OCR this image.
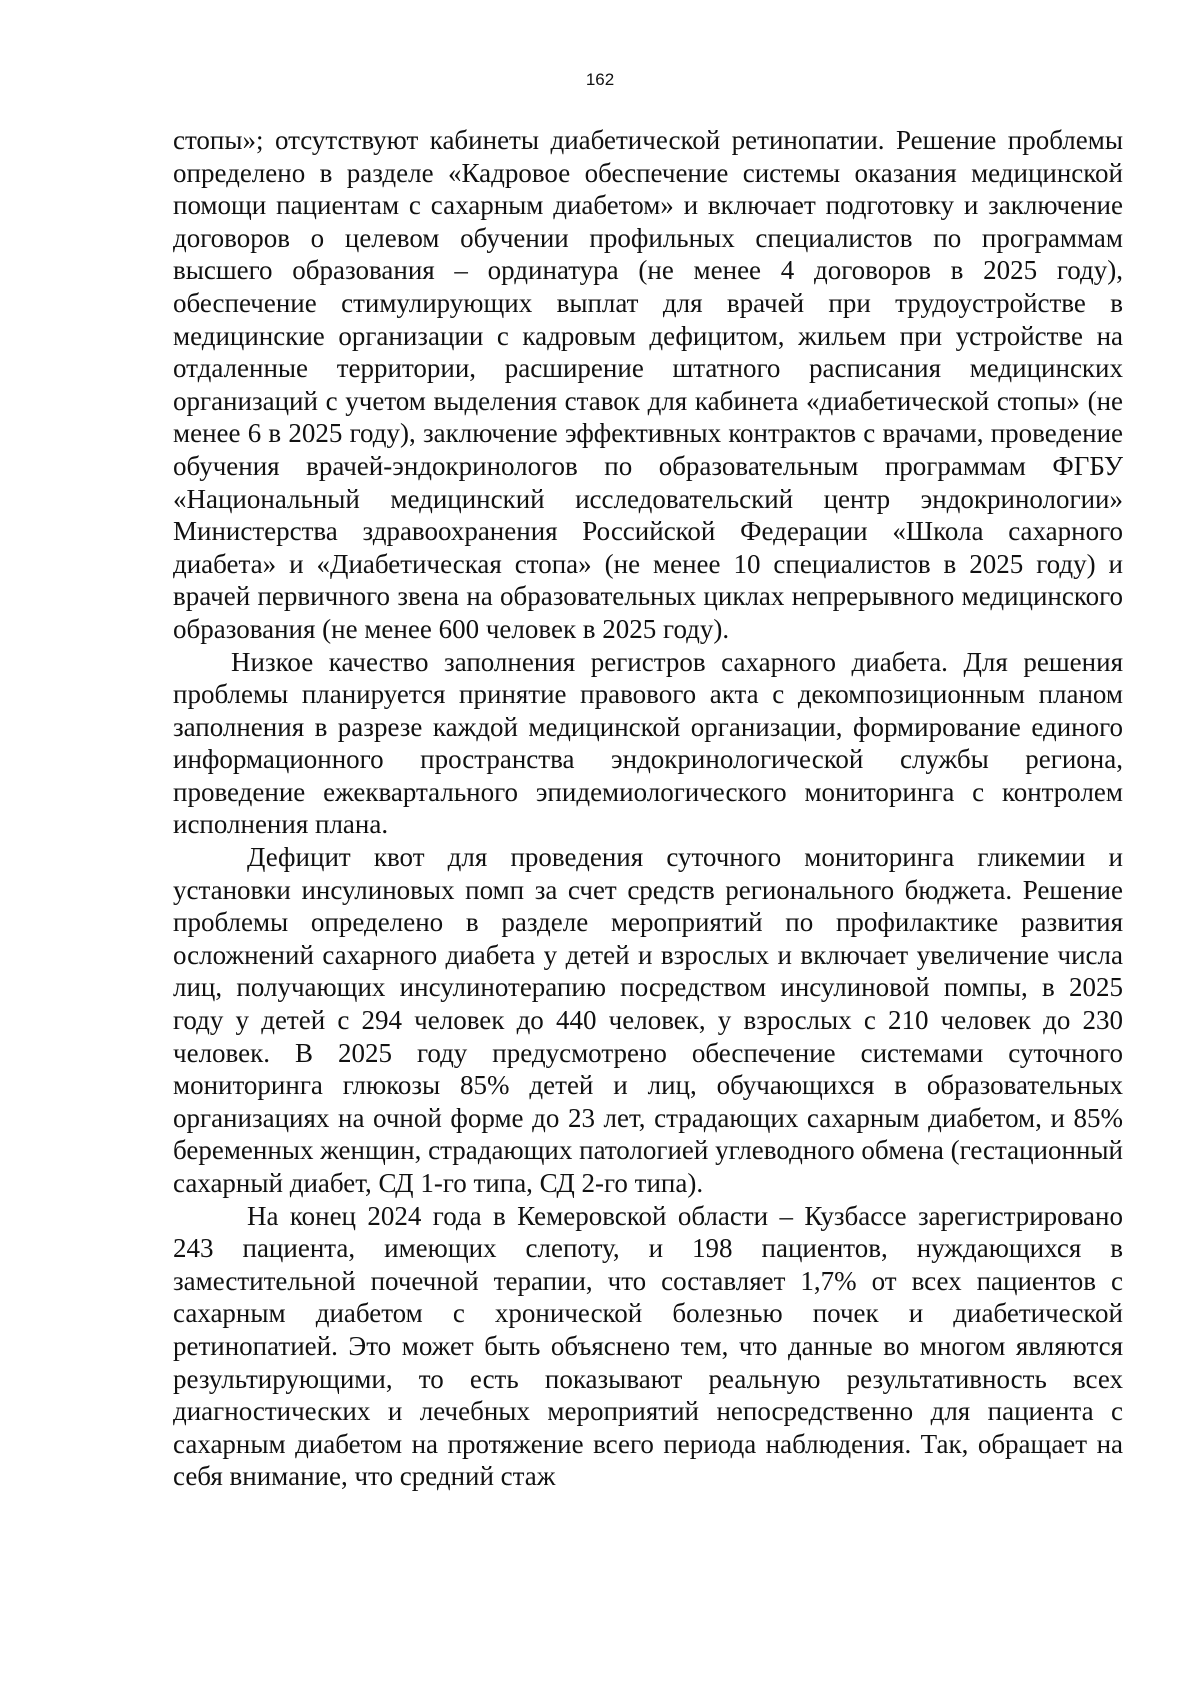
162

стопы»; отсутствуют кабинеты диабетической ретинопатии. Решение проблемы определено в разделе «Кадровое обеспечение системы оказания медицинской помощи пациентам с сахарным диабетом» и включает подготовку и заключение договоров о целевом обучении профильных специалистов по программам высшего образования – ординатура (не менее 4 договоров в 2025 году), обеспечение стимулирующих выплат для врачей при трудоустройстве в медицинские организации с кадровым дефицитом, жильем при устройстве на отдаленные территории, расширение штатного расписания медицинских организаций с учетом выделения ставок для кабинета «диабетической стопы» (не менее 6 в 2025 году), заключение эффективных контрактов с врачами, проведение обучения врачей-эндокринологов по образовательным программам ФГБУ «Национальный медицинский исследовательский центр эндокринологии» Министерства здравоохранения Российской Федерации «Школа сахарного диабета» и «Диабетическая стопа» (не менее 10 специалистов в 2025 году) и врачей первичного звена на образовательных циклах непрерывного медицинского образования (не менее 600 человек в 2025 году).

Низкое качество заполнения регистров сахарного диабета. Для решения проблемы планируется принятие правового акта с декомпозиционным планом заполнения в разрезе каждой медицинской организации, формирование единого информационного пространства эндокринологической службы региона, проведение ежеквартального эпидемиологического мониторинга с контролем исполнения плана.

Дефицит квот для проведения суточного мониторинга гликемии и установки инсулиновых помп за счет средств регионального бюджета. Решение проблемы определено в разделе мероприятий по профилактике развития осложнений сахарного диабета у детей и взрослых и включает увеличение числа лиц, получающих инсулинотерапию посредством инсулиновой помпы, в 2025 году у детей с 294 человек до 440 человек, у взрослых с 210 человек до 230 человек. В 2025 году предусмотрено обеспечение системами суточного мониторинга глюкозы 85% детей и лиц, обучающихся в образовательных организациях на очной форме до 23 лет, страдающих сахарным диабетом, и 85% беременных женщин, страдающих патологией углеводного обмена (гестационный сахарный диабет, СД 1-го типа, СД 2-го типа).

На конец 2024 года в Кемеровской области – Кузбассе зарегистрировано 243 пациента, имеющих слепоту, и 198 пациентов, нуждающихся в заместительной почечной терапии, что составляет 1,7% от всех пациентов с сахарным диабетом с хронической болезнью почек и диабетической ретинопатией. Это может быть объяснено тем, что данные во многом являются результирующими, то есть показывают реальную результативность всех диагностических и лечебных мероприятий непосредственно для пациента с сахарным диабетом на протяжение всего периода наблюдения. Так, обращает на себя внимание, что средний стаж
